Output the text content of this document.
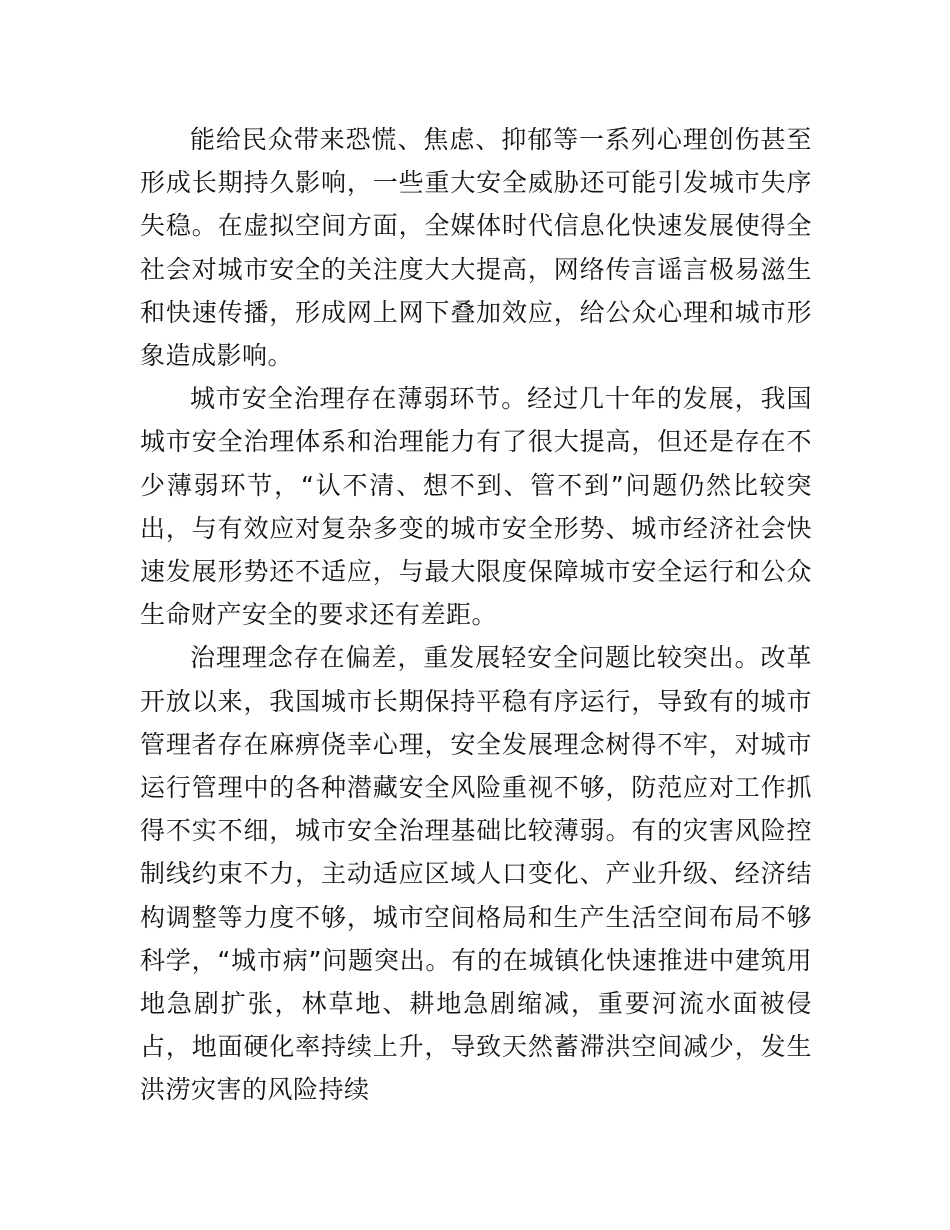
能给民众带来恐慌、焦虑、抑郁等一系列心理创伤甚至形成长期持久影响，一些重大安全威胁还可能引发城市失序失稳。在虚拟空间方面，全媒体时代信息化快速发展使得全社会对城市安全的关注度大大提高，网络传言谣言极易滋生和快速传播，形成网上网下叠加效应，给公众心理和城市形象造成影响。

城市安全治理存在薄弱环节。经过几十年的发展，我国城市安全治理体系和治理能力有了很大提高，但还是存在不少薄弱环节，“认不清、想不到、管不到”问题仍然比较突出，与有效应对复杂多变的城市安全形势、城市经济社会快速发展形势还不适应，与最大限度保障城市安全运行和公众生命财产安全的要求还有差距。

治理理念存在偏差，重发展轻安全问题比较突出。改革开放以来，我国城市长期保持平稳有序运行，导致有的城市管理者存在麻痹侥幸心理，安全发展理念树得不牢，对城市运行管理中的各种潜藏安全风险重视不够，防范应对工作抓得不实不细，城市安全治理基础比较薄弱。有的灾害风险控制线约束不力，主动适应区域人口变化、产业升级、经济结构调整等力度不够，城市空间格局和生产生活空间布局不够科学，“城市病”问题突出。有的在城镇化快速推进中建筑用地急剧扩张，林草地、耕地急剧缩减，重要河流水面被侵占，地面硬化率持续上升，导致天然蓄滞洪空间减少，发生洪涝灾害的风险持续
